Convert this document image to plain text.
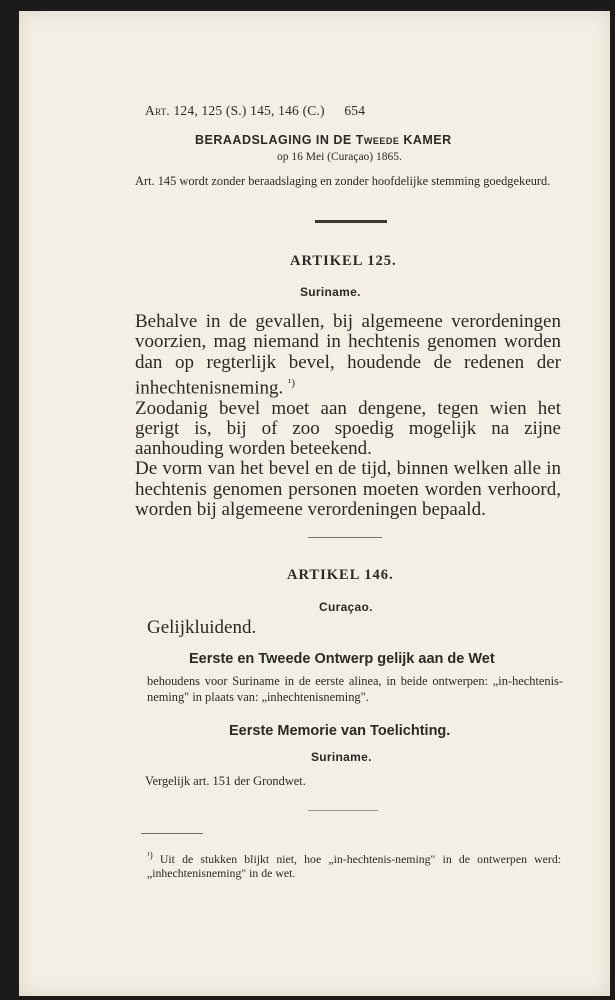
Art. 124, 125 (S.) 145, 146 (C.) 654
BERAADSLAGING IN DE Tweede KAMER
op 16 Mei (Curaçao) 1865.
Art. 145 wordt zonder beraadslaging en zonder hoofdelijke stemming goedgekeurd.
ARTIKEL 125.
Suriname.

Behalve in de gevallen, bij algemeene verordeningen voorzien, mag niemand in hechtenis genomen worden dan op regterlijk bevel, houdende de redenen der inhechtenisneming. $^{^1)}$

Zoodanig bevel moet aan dengene, tegen wien het gerigt is, bij of zoo spoedig mogelijk na zijne aanhouding worden beteekend.

De vorm van het bevel en de tijd, binnen welken alle in hechtenis genomen personen moeten worden verhoord, worden bij algemeene verordeningen bepaald.

ARTIKEL 146.
Curaçao.
Gelijkluidend.
Eerste en Tweede Ontwerp gelijk aan de Wet
behoudens voor Suriname in de eerste alinea, in beide ontwerpen: „in-hechtenis-neming" in plaats van: „inhechtenisneming".
Eerste Memorie van Toelichting.
Suriname.
Vergelijk art. 151 der Grondwet.
$^{^1)}$ Uit de stukken blijkt niet, hoe „in-hechtenis-neming" in de ontwerpen werd: „inhechtenisneming" in de wet.
